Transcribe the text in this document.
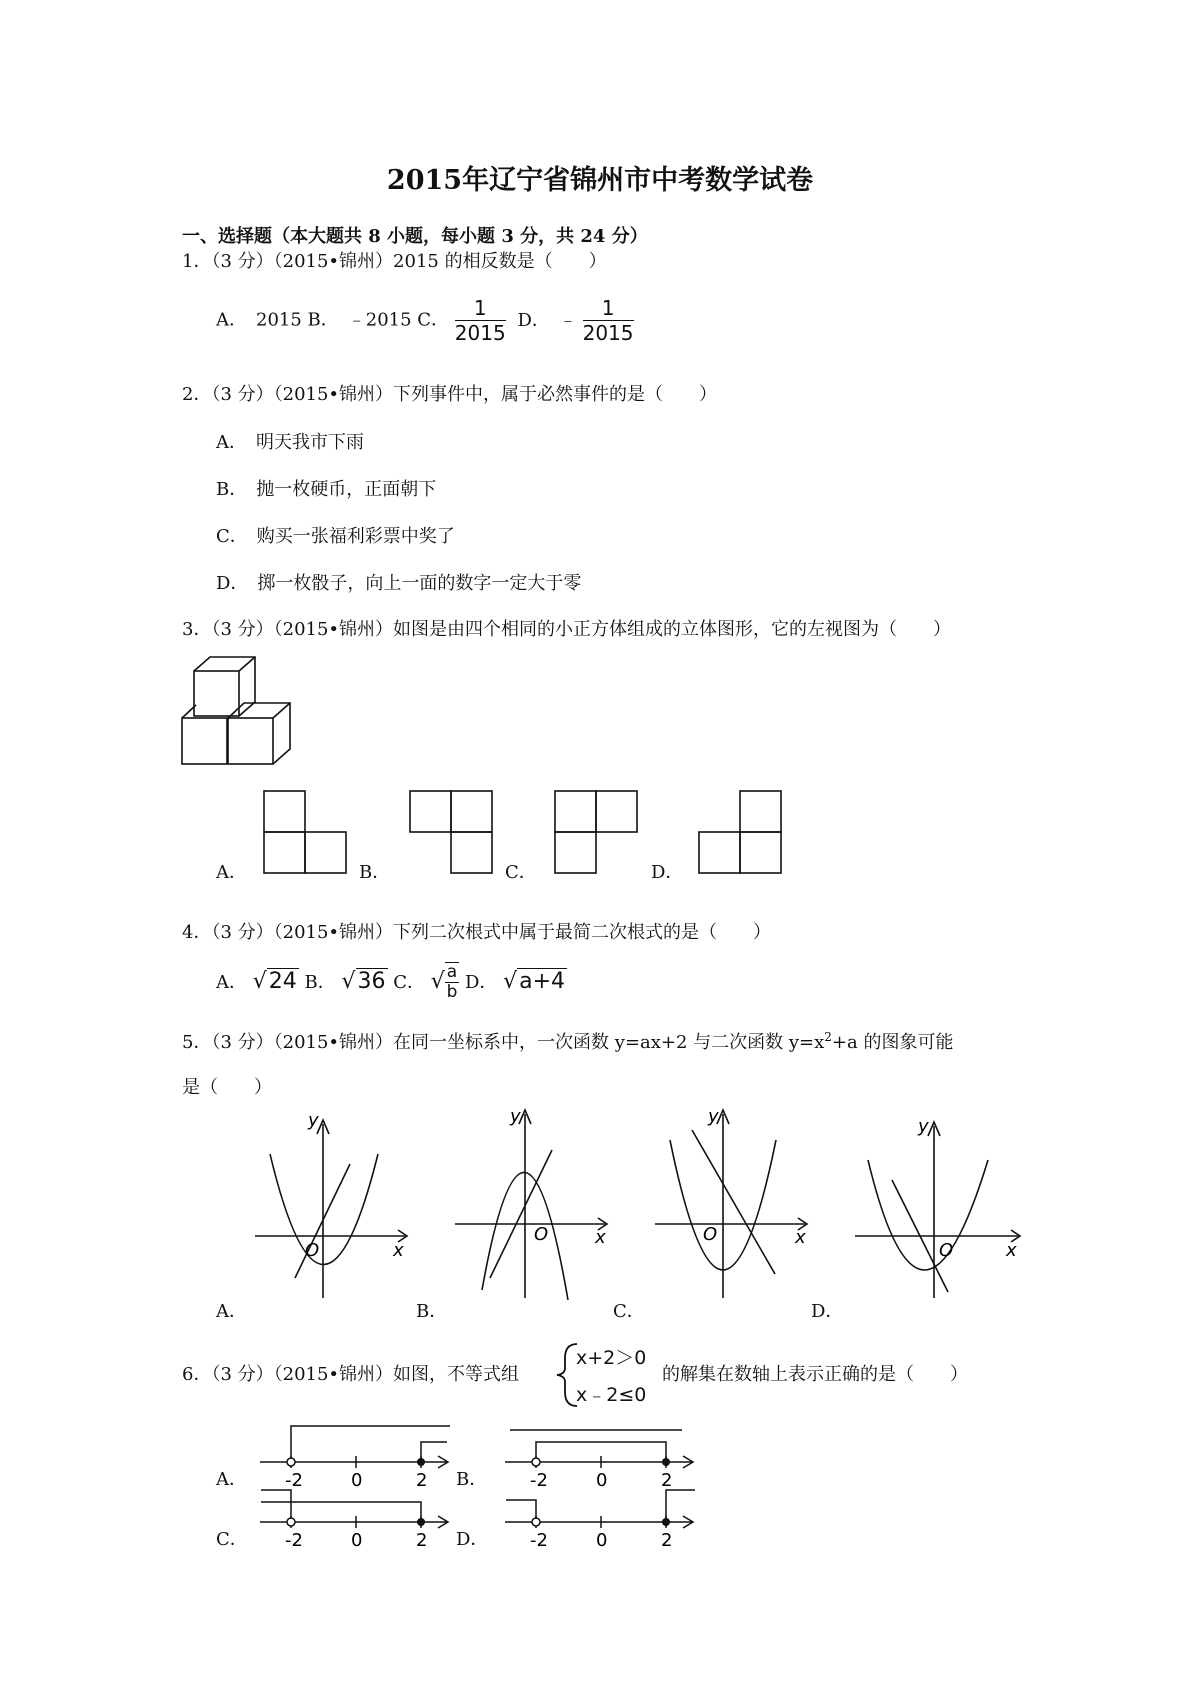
2015年辽宁省锦州市中考数学试卷
一、选择题（本大题共 8 小题，每小题 3 分，共 24 分）
1．（3 分）（2015•锦州）2015 的相反数是（　　）
A．　2015 B．　﹣2015 C． $\frac{1}{2015}$ D．　﹣ $\frac{1}{2015}$
2．（3 分）（2015•锦州）下列事件中，属于必然事件的是（　　）
A．　明天我市下雨
B．　抛一枚硬币，正面朝下
C．　购买一张福利彩票中奖了
D．　掷一枚骰子，向上一面的数字一定大于零
3．（3 分）（2015•锦州）如图是由四个相同的小正方体组成的立体图形，它的左视图为（　　）
A．	B．	C．	D．
4．（3 分）（2015•锦州）下列二次根式中属于最简二次根式的是（　　）
A． √24 B． √36 C． √ $\frac{a}{b}$ D． √a+4
5．（3 分）（2015•锦州）在同一坐标系中，一次函数 y=ax+2 与二次函数 $y=x^2+a$ 的图象可能
是（　　）
A．	B．	C．	D．
y
x
O
y
x
O
y
x
O
y
x
O
6．（3 分）（2015•锦州）如图，不等式组
x+2＞0
x﹣2≤0
的解集在数轴上表示正确的是（　　）
A． -2	0	2 B． -2	0	2
C． -2	0	2 D． -2	0	2
